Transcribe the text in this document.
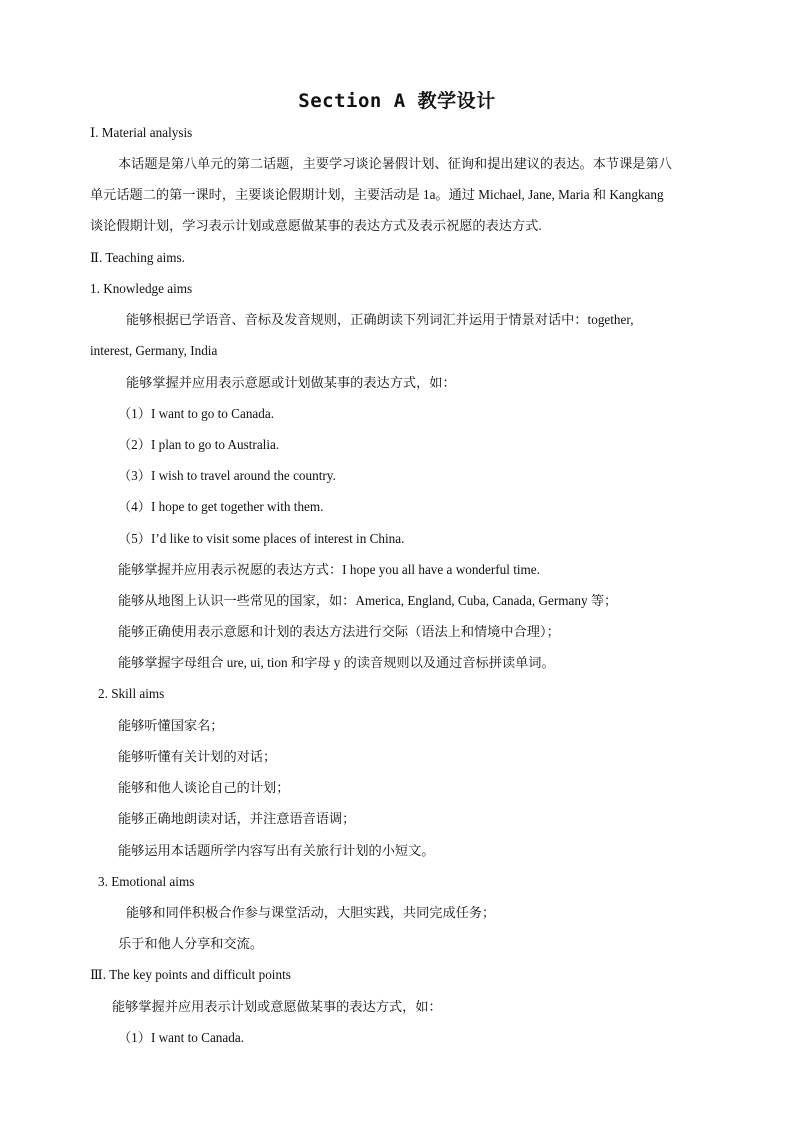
Section A 教学设计
Ⅰ. Material analysis
本话题是第八单元的第二话题，主要学习谈论暑假计划、征询和提出建议的表达。本节课是第八
单元话题二的第一课时，主要谈论假期计划，主要活动是 1a。通过 Michael, Jane, Maria 和 Kangkang
谈论假期计划，学习表示计划或意愿做某事的表达方式及表示祝愿的表达方式.
Ⅱ. Teaching aims.
1. Knowledge aims
能够根据已学语音、音标及发音规则，正确朗读下列词汇并运用于情景对话中：together,
interest, Germany, India
能够掌握并应用表示意愿或计划做某事的表达方式，如：
（1）I want to go to Canada.
（2）I plan to go to Australia.
（3）I wish to travel around the country.
（4）I hope to get together with them.
（5）I’d like to visit some places of interest in China.
能够掌握并应用表示祝愿的表达方式：I hope you all have a wonderful time.
能够从地图上认识一些常见的国家，如：America, England, Cuba, Canada, Germany 等；
能够正确使用表示意愿和计划的表达方法进行交际（语法上和情境中合理）；
能够掌握字母组合 ure, ui, tion 和字母 y 的读音规则以及通过音标拼读单词。
2. Skill aims
能够听懂国家名；
能够听懂有关计划的对话；
能够和他人谈论自己的计划；
能够正确地朗读对话，并注意语音语调；
能够运用本话题所学内容写出有关旅行计划的小短文。
3. Emotional aims
能够和同伴积极合作参与课堂活动，大胆实践，共同完成任务；
乐于和他人分享和交流。
Ⅲ. The key points and difficult points
能够掌握并应用表示计划或意愿做某事的表达方式，如：
（1）I want to Canada.
